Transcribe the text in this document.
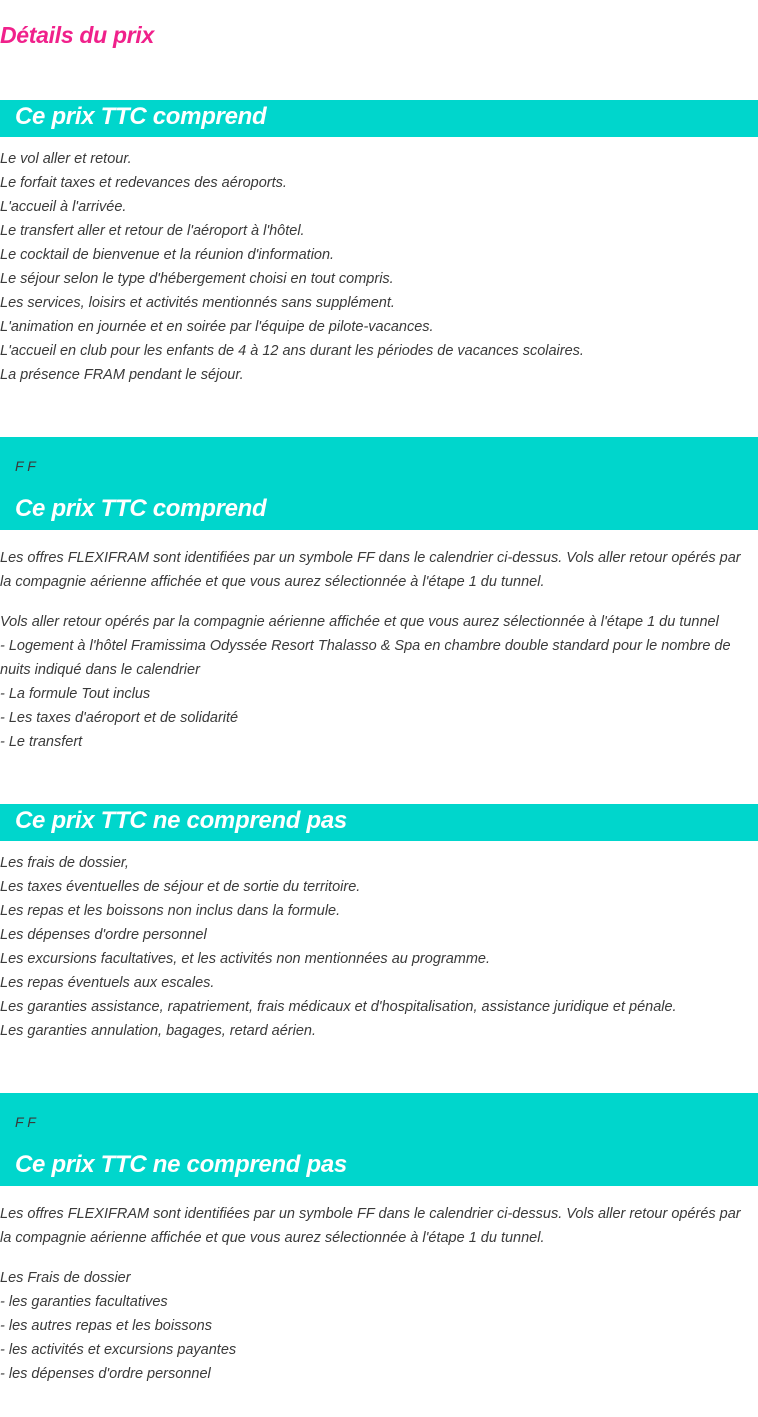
Détails du prix
Ce prix TTC comprend
Le vol aller et retour.
Le forfait taxes et redevances des aéroports.
L'accueil à l'arrivée.
Le transfert aller et retour de l'aéroport à l'hôtel.
Le cocktail de bienvenue et la réunion d'information.
Le séjour selon le type d'hébergement choisi en tout compris.
Les services, loisirs et activités mentionnés sans supplément.
L'animation en journée et en soirée par l'équipe de pilote-vacances.
L'accueil en club pour les enfants de 4 à 12 ans durant les périodes de vacances scolaires.
La présence FRAM pendant le séjour.
F F
Ce prix TTC comprend

Les offres FLEXIFRAM sont identifiées par un symbole FF dans le calendrier ci-dessus. Vols aller retour opérés par la compagnie aérienne affichée et que vous aurez sélectionnée à l'étape 1 du tunnel.

Vols aller retour opérés par la compagnie aérienne affichée et que vous aurez sélectionnée à l'étape 1 du tunnel

- Logement à l'hôtel Framissima Odyssée Resort Thalasso & Spa en chambre double standard pour le nombre de nuits indiqué dans le calendrier

- La formule Tout inclus
- Les taxes d'aéroport et de solidarité
- Le transfert
Ce prix TTC ne comprend pas
Les frais de dossier,
Les taxes éventuelles de séjour et de sortie du territoire.
Les repas et les boissons non inclus dans la formule.
Les dépenses d'ordre personnel
Les excursions facultatives, et les activités non mentionnées au programme.
Les repas éventuels aux escales.
Les garanties assistance, rapatriement, frais médicaux et d'hospitalisation, assistance juridique et pénale.
Les garanties annulation, bagages, retard aérien.
F F
Ce prix TTC ne comprend pas

Les offres FLEXIFRAM sont identifiées par un symbole FF dans le calendrier ci-dessus. Vols aller retour opérés par la compagnie aérienne affichée et que vous aurez sélectionnée à l'étape 1 du tunnel.

Les Frais de dossier
- les garanties facultatives
- les autres repas et les boissons
- les activités et excursions payantes
- les dépenses d'ordre personnel
